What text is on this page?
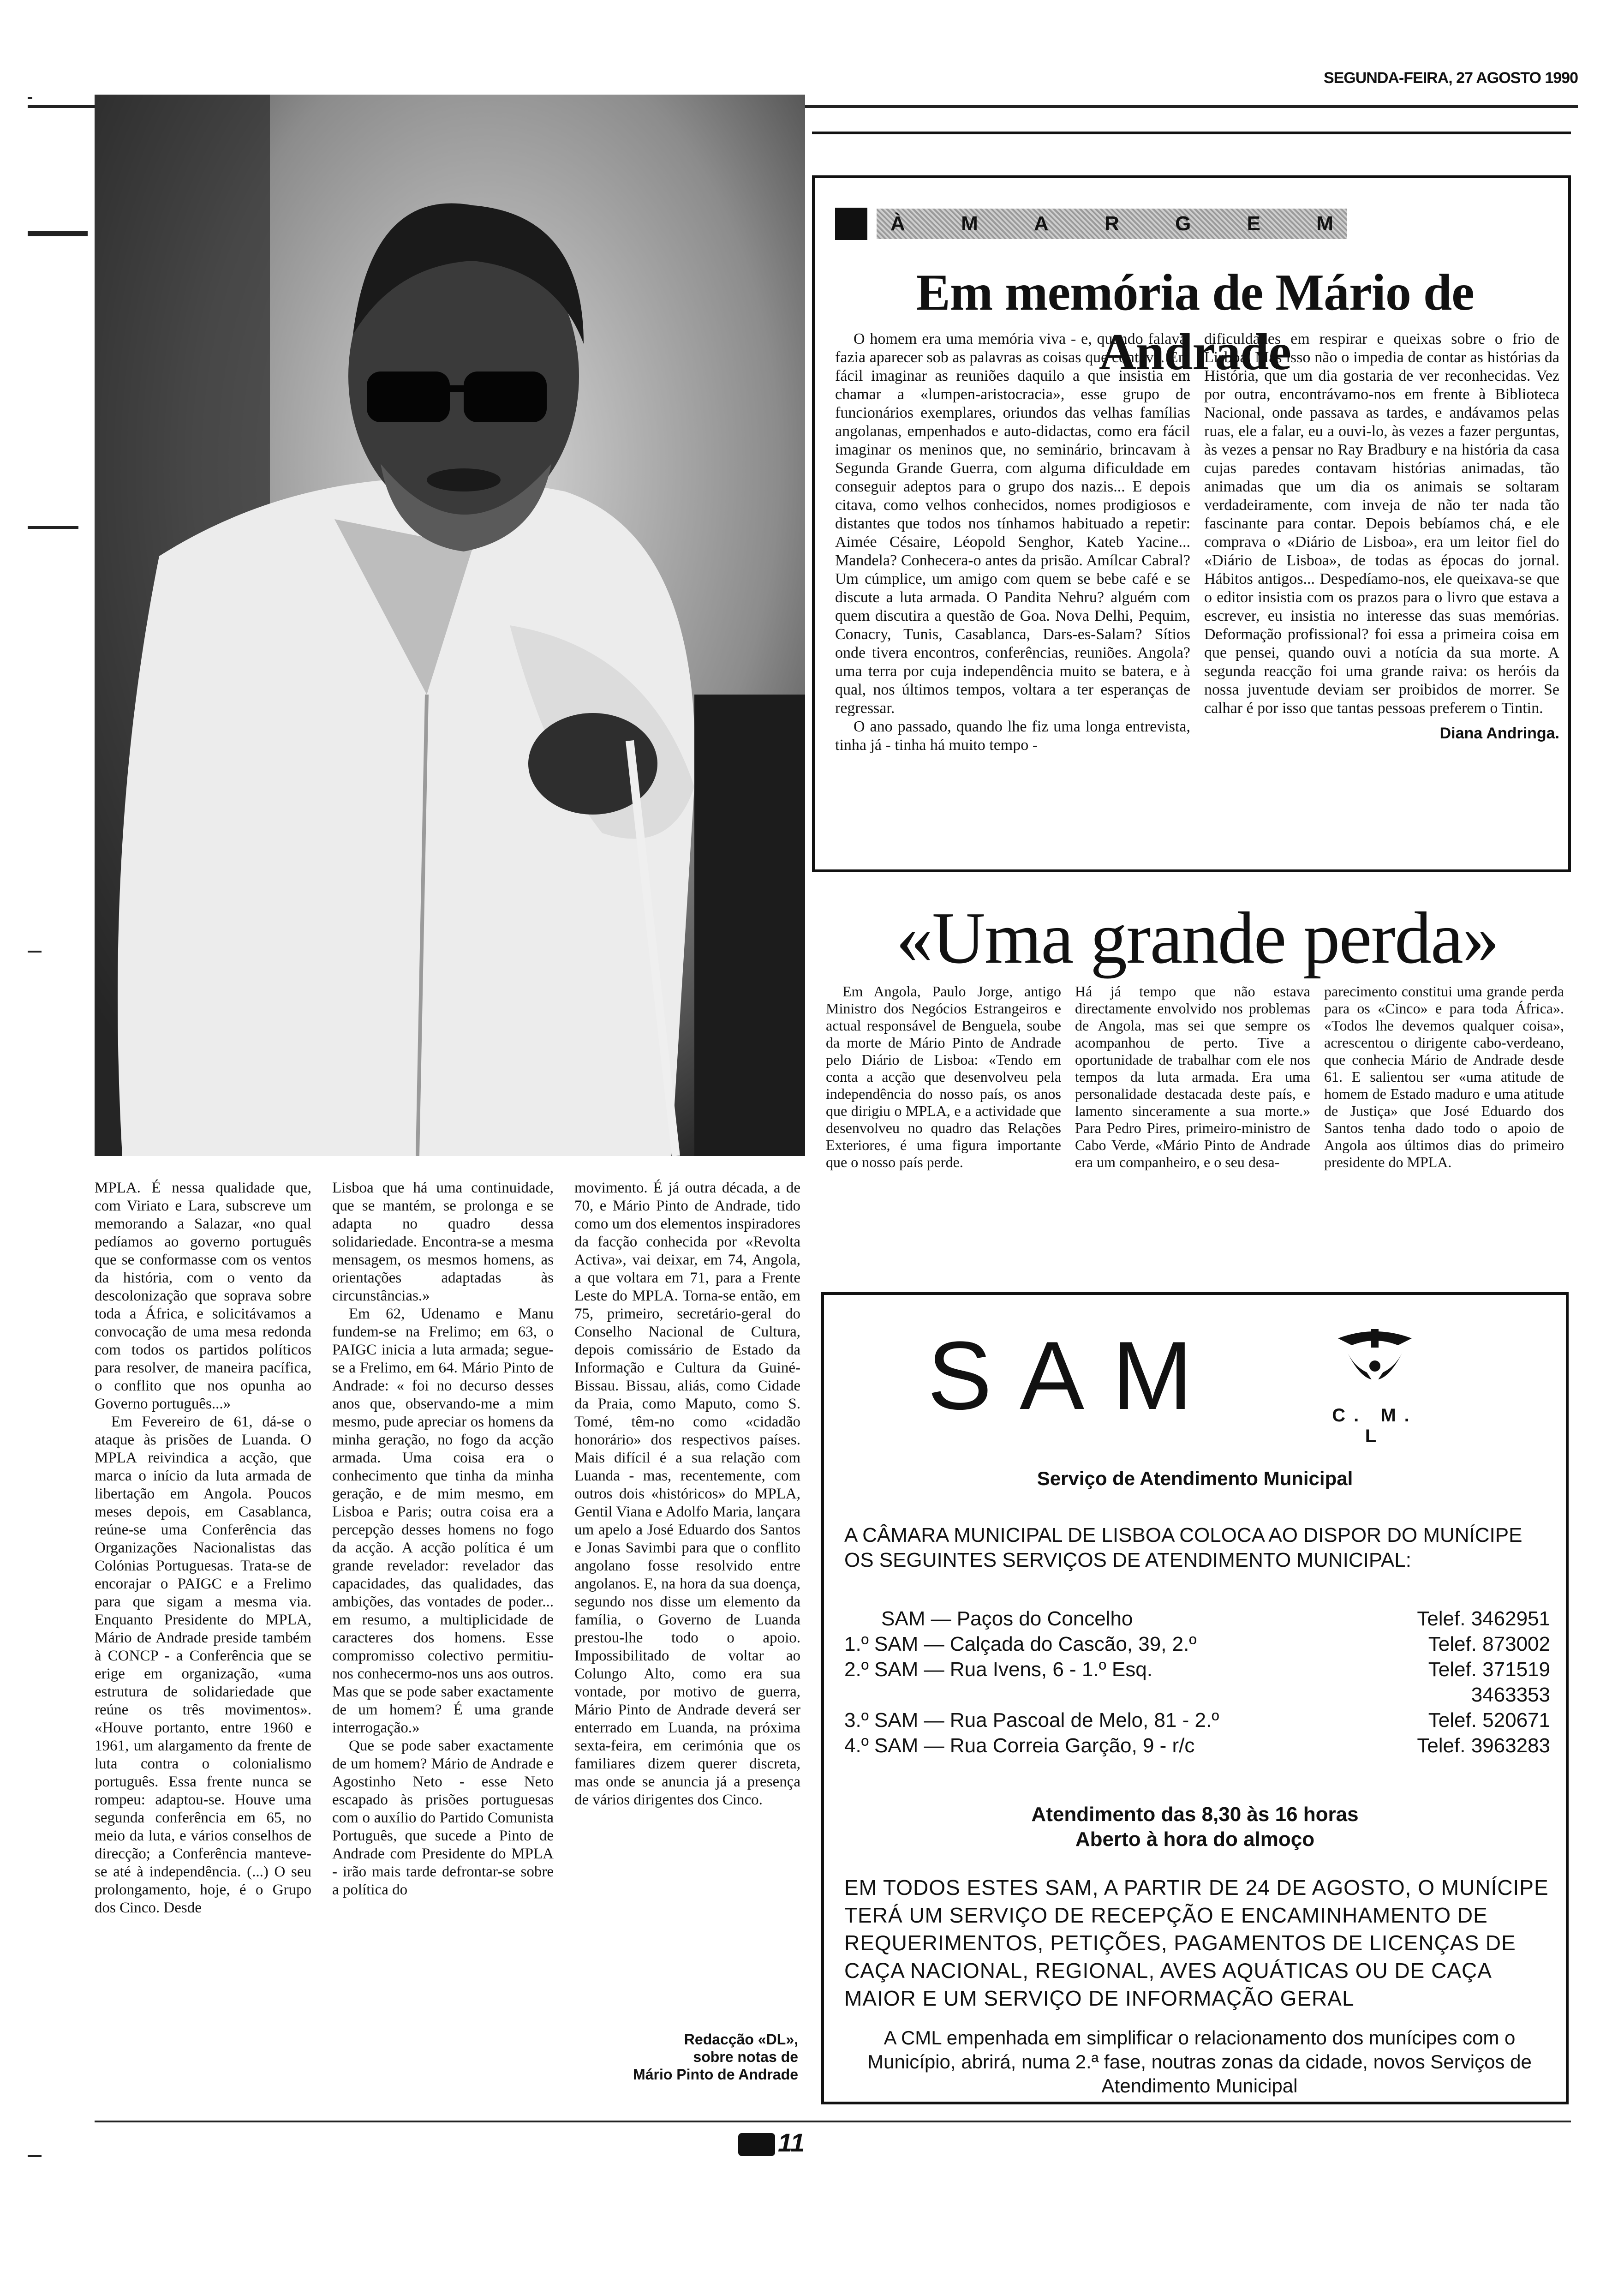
SEGUNDA-FEIRA, 27 AGOSTO 1990
À	M	A	R	G	E	M
Em memória de Mário de Andrade

O homem era uma memória viva - e, quando falava, fazia aparecer sob as palavras as coisas que contava. Era fácil imaginar as reuniões daquilo a que insistia em chamar a «lumpen-aristocracia», esse grupo de funcionários exemplares, oriundos das velhas famílias angolanas, empenhados e auto-didactas, como era fácil imaginar os meninos que, no seminário, brincavam à Segunda Grande Guerra, com alguma dificuldade em conseguir adeptos para o grupo dos nazis... E depois citava, como velhos conhecidos, nomes prodigiosos e distantes que todos nos tínhamos habituado a repetir: Aimée Césaire, Léopold Senghor, Kateb Yacine... Mandela? Conhecera-o antes da prisão. Amílcar Cabral? Um cúmplice, um amigo com quem se bebe café e se discute a luta armada. O Pandita Nehru? alguém com quem discutira a questão de Goa. Nova Delhi, Pequim, Conacry, Tunis, Casablanca, Dars-es-Salam? Sítios onde tivera encontros, conferências, reuniões. Angola? uma terra por cuja independência muito se batera, e à qual, nos últimos tempos, voltara a ter esperanças de regressar.

O ano passado, quando lhe fiz uma longa entrevista, tinha já - tinha há muito tempo -

dificuldades em respirar e queixas sobre o frio de Lisboa. Mas isso não o impedia de contar as histórias da História, que um dia gostaria de ver reconhecidas. Vez por outra, encontrávamo-nos em frente à Biblioteca Nacional, onde passava as tardes, e andávamos pelas ruas, ele a falar, eu a ouvi-lo, às vezes a fazer perguntas, às vezes a pensar no Ray Bradbury e na história da casa cujas paredes contavam histórias animadas, tão animadas que um dia os animais se soltaram verdadeiramente, com inveja de não ter nada tão fascinante para contar. Depois bebíamos chá, e ele comprava o «Diário de Lisboa», era um leitor fiel do «Diário de Lisboa», de todas as épocas do jornal. Hábitos antigos... Despedíamo-nos, ele queixava-se que o editor insistia com os prazos para o livro que estava a escrever, eu insistia no interesse das suas memórias. Deformação profissional? foi essa a primeira coisa em que pensei, quando ouvi a notícia da sua morte. A segunda reacção foi uma grande raiva: os heróis da nossa juventude deviam ser proibidos de morrer. Se calhar é por isso que tantas pessoas preferem o Tintin.

Diana Andringa.
«Uma grande perda»

Em Angola, Paulo Jorge, antigo Ministro dos Negócios Estrangeiros e actual responsável de Benguela, soube da morte de Mário Pinto de Andrade pelo Diário de Lisboa: «Tendo em conta a acção que desenvolveu pela independência do nosso país, os anos que dirigiu o MPLA, e a actividade que desenvolveu no quadro das Relações Exteriores, é uma figura importante que o nosso país perde.

Há já tempo que não estava directamente envolvido nos problemas de Angola, mas sei que sempre os acompanhou de perto. Tive a oportunidade de trabalhar com ele nos tempos da luta armada. Era uma personalidade destacada deste país, e lamento sinceramente a sua morte.» Para Pedro Pires, primeiro-ministro de Cabo Verde, «Mário Pinto de Andrade era um companheiro, e o seu desa-

parecimento constitui uma grande perda para os «Cinco» e para toda África». «Todos lhe devemos qualquer coisa», acrescentou o dirigente cabo-verdeano, que conhecia Mário de Andrade desde 61. E salientou ser «uma atitude de homem de Estado maduro e uma atitude de Justiça» que José Eduardo dos Santos tenha dado todo o apoio de Angola aos últimos dias do primeiro presidente do MPLA.

MPLA. É nessa qualidade que, com Viriato e Lara, subscreve um memorando a Salazar, «no qual pedíamos ao governo português que se conformasse com os ventos da história, com o vento da descolonização que soprava sobre toda a África, e solicitávamos a convocação de uma mesa redonda com todos os partidos políticos para resolver, de maneira pacífica, o conflito que nos opunha ao Governo português...»

Em Fevereiro de 61, dá-se o ataque às prisões de Luanda. O MPLA reivindica a acção, que marca o início da luta armada de libertação em Angola. Poucos meses depois, em Casablanca, reúne-se uma Conferência das Organizações Nacionalistas das Colónias Portuguesas. Trata-se de encorajar o PAIGC e a Frelimo para que sigam a mesma via. Enquanto Presidente do MPLA, Mário de Andrade preside também à CONCP - a Conferência que se erige em organização, «uma estrutura de solidariedade que reúne os três movimentos». «Houve portanto, entre 1960 e 1961, um alargamento da frente de luta contra o colonialismo português. Essa frente nunca se rompeu: adaptou-se. Houve uma segunda conferência em 65, no meio da luta, e vários conselhos de direcção; a Conferência manteve-se até à independência. (...) O seu prolongamento, hoje, é o Grupo dos Cinco. Desde

Lisboa que há uma continuidade, que se mantém, se prolonga e se adapta no quadro dessa solidariedade. Encontra-se a mesma mensagem, os mesmos homens, as orientações adaptadas às circunstâncias.»

Em 62, Udenamo e Manu fundem-se na Frelimo; em 63, o PAIGC inicia a luta armada; segue-se a Frelimo, em 64. Mário Pinto de Andrade: « foi no decurso desses anos que, observando-me a mim mesmo, pude apreciar os homens da minha geração, no fogo da acção armada. Uma coisa era o conhecimento que tinha da minha geração, e de mim mesmo, em Lisboa e Paris; outra coisa era a percepção desses homens no fogo da acção. A acção política é um grande revelador: revelador das capacidades, das qualidades, das ambições, das vontades de poder... em resumo, a multiplicidade de caracteres dos homens. Esse compromisso colectivo permitiu-nos conhecermo-nos uns aos outros. Mas que se pode saber exactamente de um homem? É uma grande interrogação.»

Que se pode saber exactamente de um homem? Mário de Andrade e Agostinho Neto - esse Neto escapado às prisões portuguesas com o auxílio do Partido Comunista Português, que sucede a Pinto de Andrade com Presidente do MPLA - irão mais tarde defrontar-se sobre a política do

movimento. É já outra década, a de 70, e Mário Pinto de Andrade, tido como um dos elementos inspiradores da facção conhecida por «Revolta Activa», vai deixar, em 74, Angola, a que voltara em 71, para a Frente Leste do MPLA. Torna-se então, em 75, primeiro, secretário-geral do Conselho Nacional de Cultura, depois comissário de Estado da Informação e Cultura da Guiné-Bissau. Bissau, aliás, como Cidade da Praia, como Maputo, como S. Tomé, têm-no como «cidadão honorário» dos respectivos países. Mais difícil é a sua relação com Luanda - mas, recentemente, com outros dois «históricos» do MPLA, Gentil Viana e Adolfo Maria, lançara um apelo a José Eduardo dos Santos e Jonas Savimbi para que o conflito angolano fosse resolvido entre angolanos. E, na hora da sua doença, segundo nos disse um elemento da família, o Governo de Luanda prestou-lhe todo o apoio. Impossibilitado de voltar ao Colungo Alto, como era sua vontade, por motivo de guerra, Mário Pinto de Andrade deverá ser enterrado em Luanda, na próxima sexta-feira, em cerimónia que os familiares dizem querer discreta, mas onde se anuncia já a presença de vários dirigentes dos Cinco.

Redacção «DL»,
sobre notas de
Mário Pinto de Andrade
SAM	C. M. L
Serviço de Atendimento Municipal
A CÂMARA MUNICIPAL DE LISBOA COLOCA AO DISPOR DO MUNÍCIPE OS SEGUINTES SERVIÇOS DE ATENDIMENTO MUNICIPAL:
SAM — Paços do Concelho	Telef. 3462951
1.º SAM — Calçada do Cascão, 39, 2.º	Telef. 873002
2.º SAM — Rua Ivens, 6 - 1.º Esq.	Telef. 371519
3463353
3.º SAM — Rua Pascoal de Melo, 81 - 2.º	Telef. 520671
4.º SAM — Rua Correia Garção, 9 - r/c	Telef. 3963283
Atendimento das 8,30 às 16 horas
Aberto à hora do almoço
EM TODOS ESTES SAM, A PARTIR DE 24 DE AGOSTO, O MUNÍCIPE TERÁ UM SERVIÇO DE RECEPÇÃO E ENCAMINHAMENTO DE REQUERIMENTOS, PETIÇÕES, PAGAMENTOS DE LICENÇAS DE CAÇA NACIONAL, REGIONAL, AVES AQUÁTICAS OU DE CAÇA MAIOR E UM SERVIÇO DE INFORMAÇÃO GERAL
A CML empenhada em simplificar o relacionamento dos munícipes com o Município, abrirá, numa 2.ª fase, noutras zonas da cidade, novos Serviços de Atendimento Municipal
11
